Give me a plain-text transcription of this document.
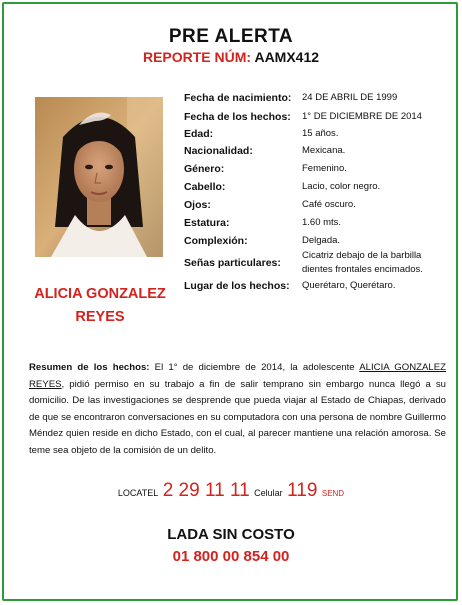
PRE ALERTA
REPORTE NÚM: AAMX412
ALICIA GONZALEZ
REYES
Fecha de nacimiento: 24 DE ABRIL DE 1999
Fecha de los hechos: 1° DE DICIEMBRE DE 2014
Edad:	15 años.
Nacionalidad:	Mexicana.
Género:	Femenino.
Cabello:	Lacio, color negro.
Ojos:	Café oscuro.
Estatura:	1.60 mts.
Complexión:	Delgada.
Señas particulares:
Cicatriz debajo de la barbilla
dientes frontales encimados.
Lugar de los hechos: Querétaro, Querétaro.
Resumen de los hechos: El 1° de diciembre de 2014, la adolescente ALICIA GONZALEZ REYES, pidió permiso en su trabajo a fin de salir temprano sin embargo nunca llegó a su domicilio. De las investigaciones se desprende que pueda viajar al Estado de Chiapas, derivado de que se encontraron conversaciones en su computadora con una persona de nombre Guillermo Méndez quien reside en dicho Estado, con el cual, al parecer mantiene una relación amorosa. Se teme sea objeto de la comisión de un delito.
LOCATEL 2 29 11 11 Celular 119 SEND
LADA SIN COSTO
01 800 00 854 00
